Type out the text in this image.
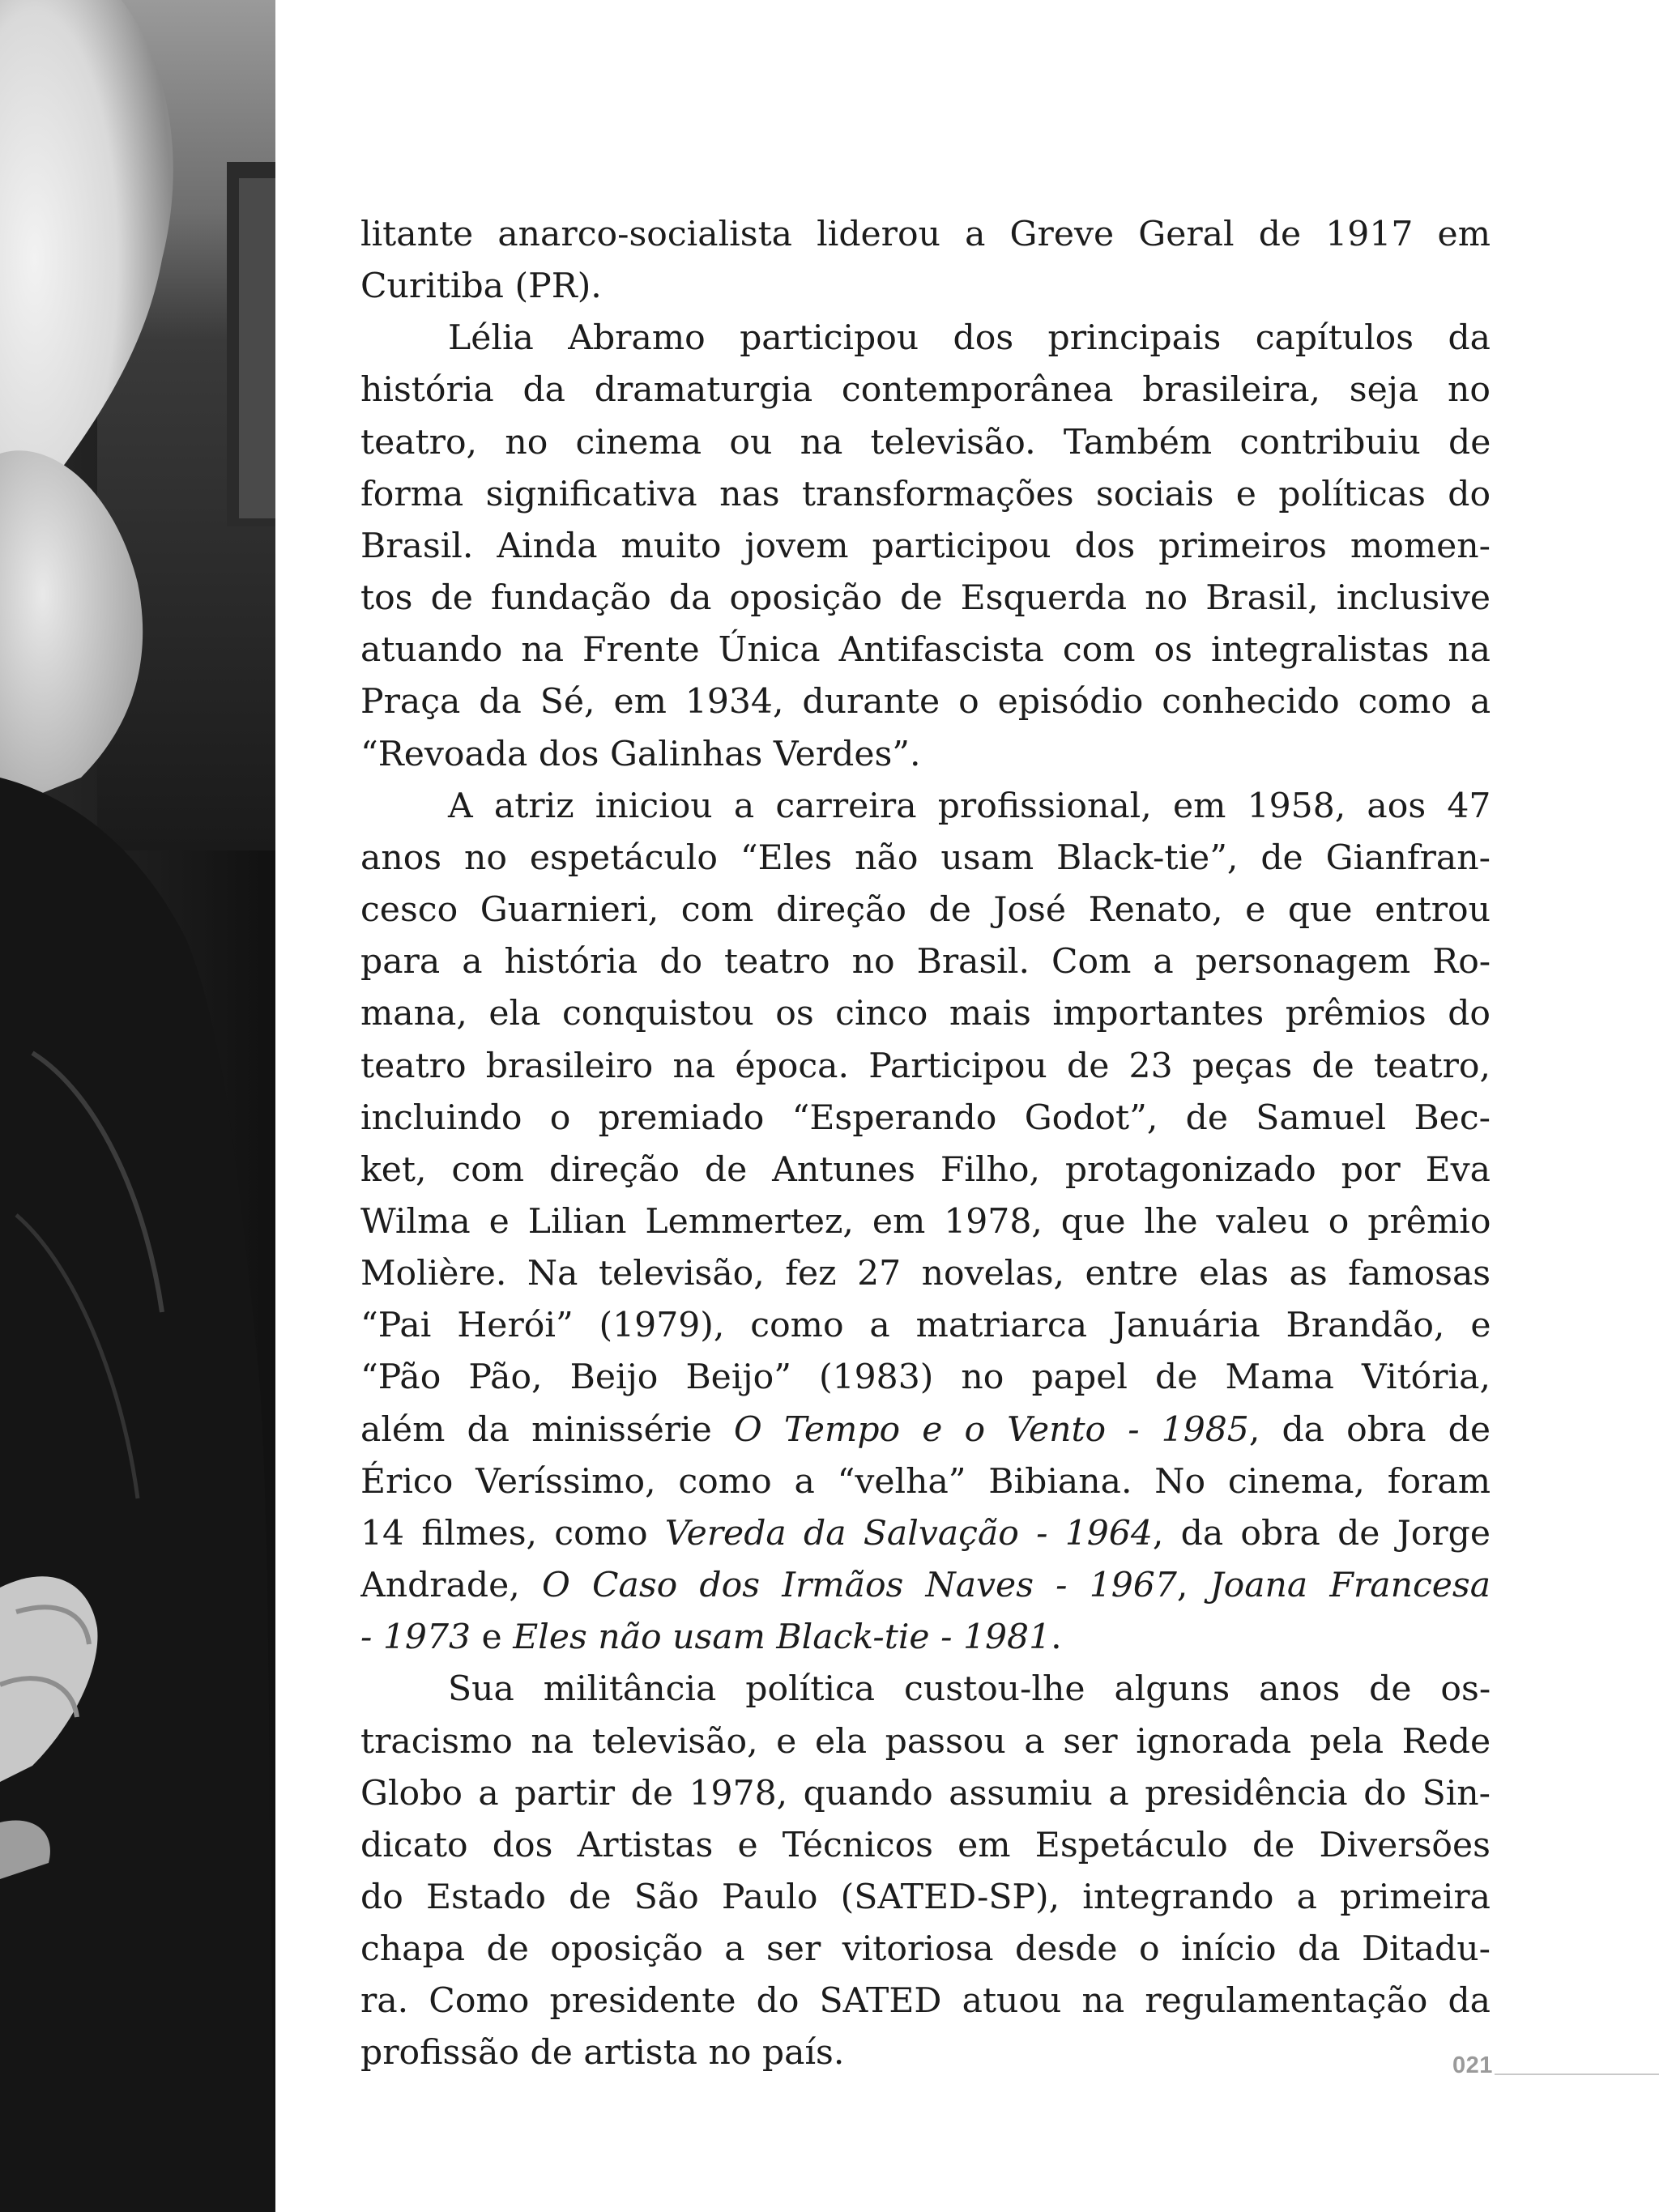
litante anarco-socialista liderou a Greve Geral de 1917 em
Curitiba (PR).

Lélia Abramo participou dos principais capítulos da
história da dramaturgia contemporânea brasileira, seja no
teatro, no cinema ou na televisão. Também contribuiu de
forma significativa nas transformações sociais e políticas do
Brasil. Ainda muito jovem participou dos primeiros momen-
tos de fundação da oposição de Esquerda no Brasil, inclusive
atuando na Frente Única Antifascista com os integralistas na
Praça da Sé, em 1934, durante o episódio conhecido como a
“Revoada dos Galinhas Verdes”.

A atriz iniciou a carreira profissional, em 1958, aos 47
anos no espetáculo “Eles não usam Black-tie”, de Gianfran-
cesco Guarnieri, com direção de José Renato, e que entrou
para a história do teatro no Brasil. Com a personagem Ro-
mana, ela conquistou os cinco mais importantes prêmios do
teatro brasileiro na época. Participou de 23 peças de teatro,
incluindo o premiado “Esperando Godot”, de Samuel Bec-
ket, com direção de Antunes Filho, protagonizado por Eva
Wilma e Lilian Lemmertez, em 1978, que lhe valeu o prêmio
Molière. Na televisão, fez 27 novelas, entre elas as famosas
“Pai Herói” (1979), como a matriarca Januária Brandão, e
“Pão Pão, Beijo Beijo” (1983) no papel de Mama Vitória,
além da minissérie O Tempo e o Vento - 1985, da obra de
Érico Veríssimo, como a “velha” Bibiana. No cinema, foram
14 filmes, como Vereda da Salvação - 1964, da obra de Jorge
Andrade, O Caso dos Irmãos Naves - 1967, Joana Francesa
- 1973 e Eles não usam Black-tie - 1981.

Sua militância política custou-lhe alguns anos de os-
tracismo na televisão, e ela passou a ser ignorada pela Rede
Globo a partir de 1978, quando assumiu a presidência do Sin-
dicato dos Artistas e Técnicos em Espetáculo de Diversões
do Estado de São Paulo (SATED-SP), integrando a primeira
chapa de oposição a ser vitoriosa desde o início da Ditadu-
ra. Como presidente do SATED atuou na regulamentação da
profissão de artista no país.	021
